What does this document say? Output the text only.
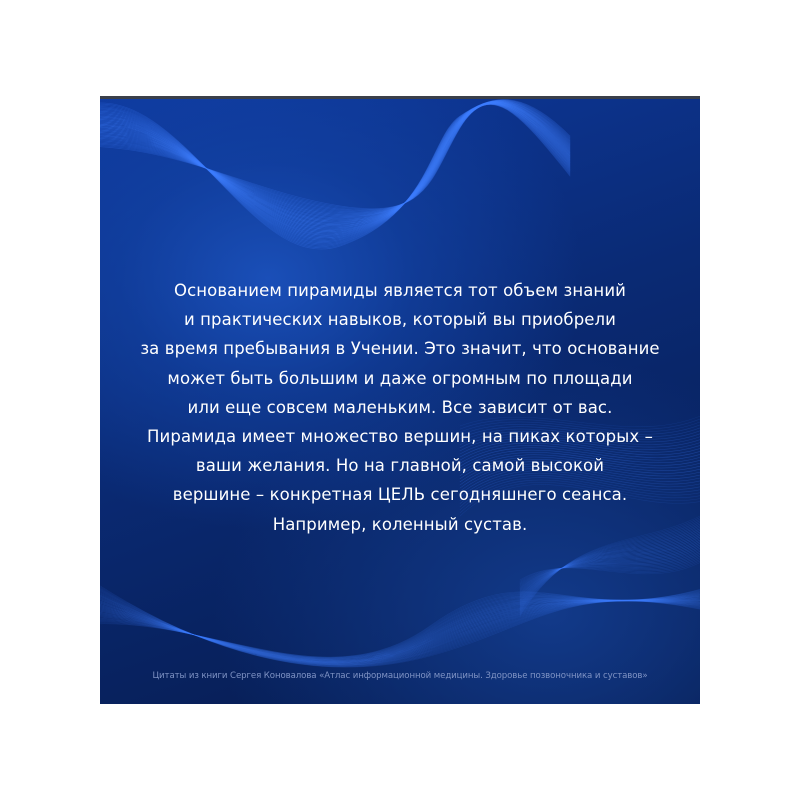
Основанием пирамиды является тот объем знаний
и практических навыков, который вы приобрели
за время пребывания в Учении. Это значит, что основание
может быть большим и даже огромным по площади
или еще совсем маленьким. Все зависит от вас.
Пирамида имеет множество вершин, на пиках которых –
ваши желания. Но на главной, самой высокой
вершине – конкретная ЦЕЛЬ сегодняшнего сеанса.
Например, коленный сустав.
Цитаты из книги Сергея Коновалова «Атлас информационной медицины. Здоровье позвоночника и суставов»
